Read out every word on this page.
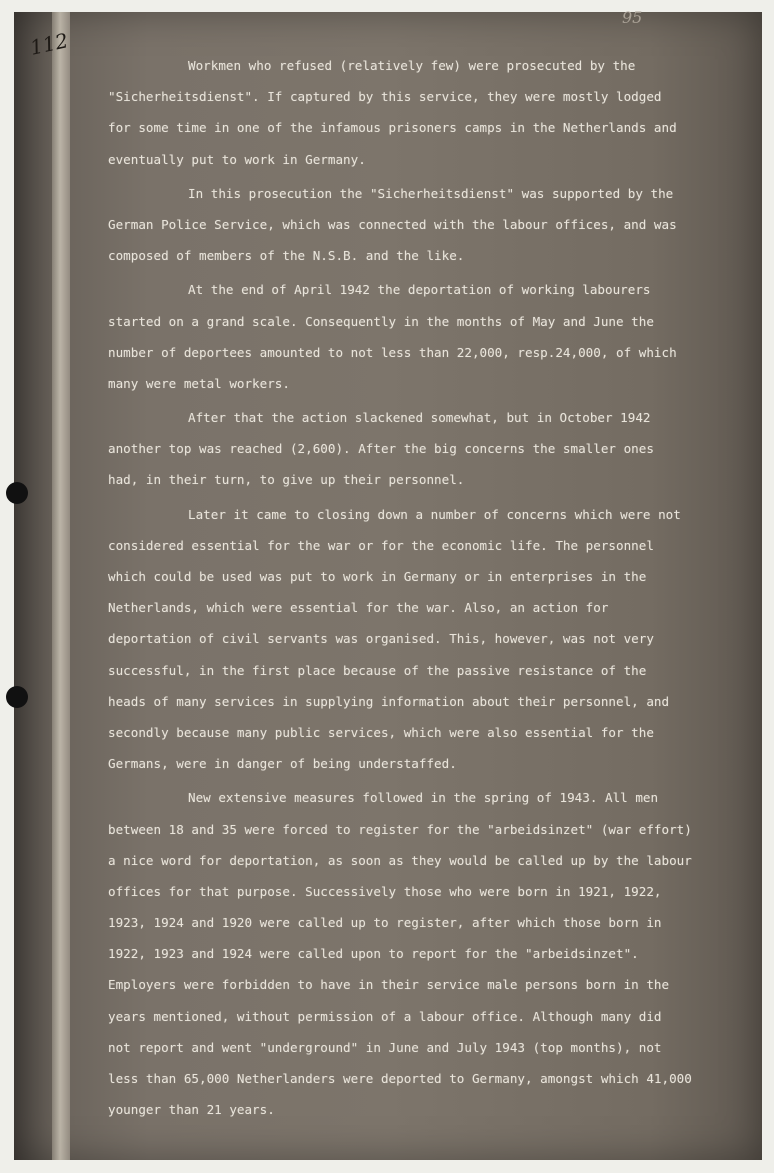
112
95
Workmen who refused (relatively few) were prosecuted by the
"Sicherheitsdienst". If captured by this service, they were mostly lodged
for some time in one of the infamous prisoners camps in the Netherlands and
eventually put to work in Germany.
In this prosecution the "Sicherheitsdienst" was supported by the
German Police Service, which was connected with the labour offices, and was
composed of members of the N.S.B. and the like.
At the end of April 1942 the deportation of working labourers
started on a grand scale. Consequently in the months of May and June the
number of deportees amounted to not less than 22,000, resp.24,000, of which
many were metal workers.
After that the action slackened somewhat, but in October 1942
another top was reached (2,600). After the big concerns the smaller ones
had, in their turn, to give up their personnel.
Later it came to closing down a number of concerns which were not
considered essential for the war or for the economic life. The personnel
which could be used was put to work in Germany or in enterprises in the
Netherlands, which were essential for the war. Also, an action for
deportation of civil servants was organised. This, however, was not very
successful, in the first place because of the passive resistance of the
heads of many services in supplying information about their personnel, and
secondly because many public services, which were also essential for the
Germans, were in danger of being understaffed.
New extensive measures followed in the spring of 1943. All men
between 18 and 35 were forced to register for the "arbeidsinzet" (war effort)
a nice word for deportation, as soon as they would be called up by the labour
offices for that purpose. Successively those who were born in 1921, 1922,
1923, 1924 and 1920 were called up to register, after which those born in
1922, 1923 and 1924 were called upon to report for the "arbeidsinzet".
Employers were forbidden to have in their service male persons born in the
years mentioned, without permission of a labour office. Although many did
not report and went "underground" in June and July 1943 (top months), not
less than 65,000 Netherlanders were deported to Germany, amongst which 41,000
younger than 21 years.
